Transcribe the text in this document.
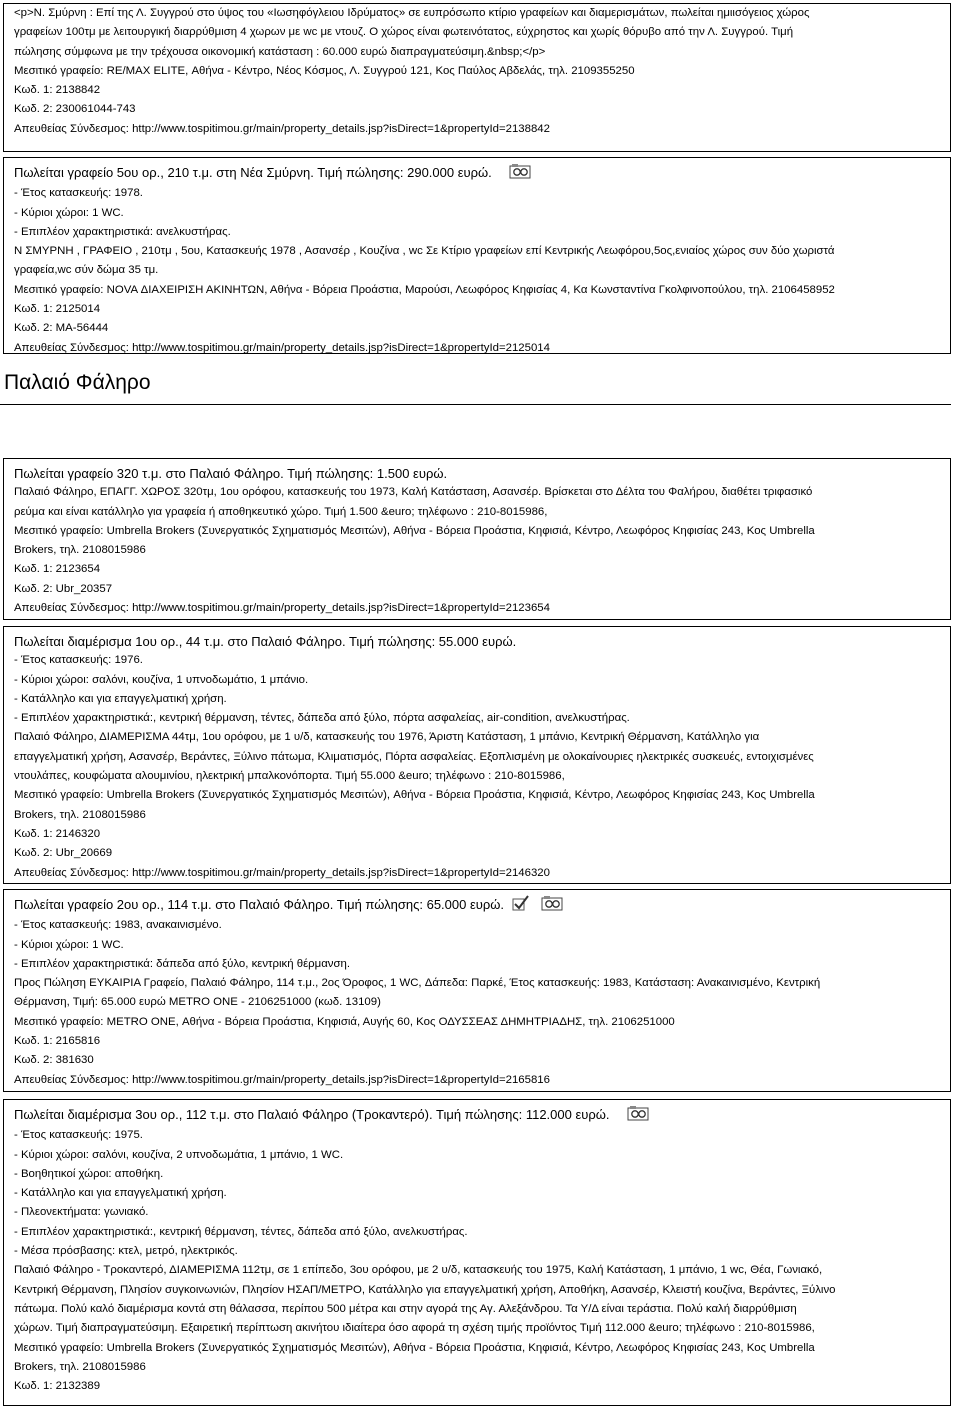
<p>Ν. Σμύρνη : Επί της Λ. Συγγρού στο ύψος του «Ιωσηφόγλειου Ιδρύματος» σε ευπρόσωπο κτίριο γραφείων και διαμερισμάτων, πωλείται ημιισόγειος χώρος

γραφείων 100τμ με λειτουργική διαρρύθμιση 4 χωρων με wc με ντουζ. Ο χώρος είναι φωτεινότατος, εύχρηστος και χωρίς θόρυβο από την Λ. Συγγρού. Τιμή

πώλησης σύμφωνα με την τρέχουσα οικονομική κατάσταση : 60.000 ευρώ διαπραγματεύσιμη.&nbsp;</p>

Μεσιτικό γραφείο: RE/MAX ELITE, Αθήνα - Κέντρο, Νέος Κόσμος, Λ. Συγγρού 121, Κος Παύλος Αβδελάς, τηλ. 2109355250

Κωδ. 1: 2138842

Κωδ. 2: 230061044-743

Απευθείας Σύνδεσμος: http://www.tospitimou.gr/main/property_details.jsp?isDirect=1&propertyId=2138842

Πωλείται γραφείο 5ου ορ., 210 τ.μ. στη Νέα Σμύρνη. Τιμή πώλησης: 290.000 ευρώ.

- Έτος κατασκευής: 1978.

- Κύριοι χώροι: 1 WC.

- Επιπλέον χαρακτηριστικά: ανελκυστήρας.

Ν ΣΜΥΡΝΗ , ΓΡΑΦΕΙΟ , 210τμ , 5ου, Κατασκευής 1978 , Ασανσέρ , Κουζίνα , wc Σε Κτίριο γραφείων επί Κεντρικής Λεωφόρου,5ος,ενιαίος χώρος συν δύο χωριστά

γραφεία,wc σύν δώμα 35 τμ.

Μεσιτικό γραφείο: NOVA ΔΙΑΧΕΙΡΙΣΗ ΑΚΙΝΗΤΩΝ, Αθήνα - Βόρεια Προάστια, Μαρούσι, Λεωφόρος Κηφισίας 4, Κα Κωνσταντίνα Γκολφινοπούλου, τηλ. 2106458952

Κωδ. 1: 2125014

Κωδ. 2: MA-56444

Απευθείας Σύνδεσμος: http://www.tospitimou.gr/main/property_details.jsp?isDirect=1&propertyId=2125014

Παλαιό Φάληρο

Πωλείται γραφείο 320 τ.μ. στο Παλαιό Φάληρο. Τιμή πώλησης: 1.500 ευρώ.

Παλαιό Φάληρο, ΕΠΑΓΓ. ΧΩΡΟΣ 320τμ, 1ου ορόφου, κατασκευής του 1973, Καλή Κατάσταση, Ασανσέρ. Βρίσκεται στο Δέλτα του Φαλήρου, διαθέτει τριφασικό

ρεύμα και είναι κατάλληλο για γραφεία ή αποθηκευτικό χώρο. Τιμή 1.500 &euro; τηλέφωνο : 210-8015986,

Μεσιτικό γραφείο: Umbrella Brokers (Συνεργατικός Σχηματισμός Μεσιτών), Αθήνα - Βόρεια Προάστια, Κηφισιά, Κέντρο, Λεωφόρος Κηφισίας 243, Κος Umbrella

Brokers, τηλ. 2108015986

Κωδ. 1: 2123654

Κωδ. 2: Ubr_20357

Απευθείας Σύνδεσμος: http://www.tospitimou.gr/main/property_details.jsp?isDirect=1&propertyId=2123654

Πωλείται διαμέρισμα 1ου ορ., 44 τ.μ. στο Παλαιό Φάληρο. Τιμή πώλησης: 55.000 ευρώ.

- Έτος κατασκευής: 1976.

- Κύριοι χώροι: σαλόνι, κουζίνα, 1 υπνοδωμάτιο, 1 μπάνιο.

- Κατάλληλο και για επαγγελματική χρήση.

- Επιπλέον χαρακτηριστικά:, κεντρική θέρμανση, τέντες, δάπεδα από ξύλο, πόρτα ασφαλείας, air-condition, ανελκυστήρας.

Παλαιό Φάληρο, ΔΙΑΜΕΡΙΣΜΑ 44τμ, 1ου ορόφου, με 1 υ/δ, κατασκευής του 1976, Άριστη Κατάσταση, 1 μπάνιο, Κεντρική Θέρμανση, Κατάλληλο για

επαγγελματική χρήση, Ασανσέρ, Βεράντες, Ξύλινο πάτωμα, Κλιματισμός, Πόρτα ασφαλείας. Εξοπλισμένη με ολοκαίνουριες ηλεκτρικές συσκευές, εντοιχισμένες

ντουλάπες, κουφώματα αλουμινίου, ηλεκτρική μπαλκονόπορτα. Τιμή 55.000 &euro; τηλέφωνο : 210-8015986,

Μεσιτικό γραφείο: Umbrella Brokers (Συνεργατικός Σχηματισμός Μεσιτών), Αθήνα - Βόρεια Προάστια, Κηφισιά, Κέντρο, Λεωφόρος Κηφισίας 243, Κος Umbrella

Brokers, τηλ. 2108015986

Κωδ. 1: 2146320

Κωδ. 2: Ubr_20669

Απευθείας Σύνδεσμος: http://www.tospitimou.gr/main/property_details.jsp?isDirect=1&propertyId=2146320

Πωλείται γραφείο 2ου ορ., 114 τ.μ. στο Παλαιό Φάληρο. Τιμή πώλησης: 65.000 ευρώ.

- Έτος κατασκευής: 1983, ανακαινισμένο.

- Κύριοι χώροι: 1 WC.

- Επιπλέον χαρακτηριστικά: δάπεδα από ξύλο, κεντρική θέρμανση.

Προς Πώληση ΕΥΚΑΙΡΙΑ Γραφείο, Παλαιό Φάληρο, 114 τ.μ., 2ος Όροφος, 1 WC, Δάπεδα: Παρκέ, Έτος κατασκευής: 1983, Κατάσταση: Ανακαινισμένο, Κεντρική

Θέρμανση, Τιμή: 65.000 ευρώ METRO ONE - 2106251000 (κωδ. 13109)

Μεσιτικό γραφείο: METRO ONE, Αθήνα - Βόρεια Προάστια, Κηφισιά, Αυγής 60, Κος ΟΔΥΣΣΕΑΣ ΔΗΜΗΤΡΙΑΔΗΣ, τηλ. 2106251000

Κωδ. 1: 2165816

Κωδ. 2: 381630

Απευθείας Σύνδεσμος: http://www.tospitimou.gr/main/property_details.jsp?isDirect=1&propertyId=2165816

Πωλείται διαμέρισμα 3ου ορ., 112 τ.μ. στο Παλαιό Φάληρο (Τροκαντερό). Τιμή πώλησης: 112.000 ευρώ.

- Έτος κατασκευής: 1975.

- Κύριοι χώροι: σαλόνι, κουζίνα, 2 υπνοδωμάτια, 1 μπάνιο, 1 WC.

- Βοηθητικοί χώροι: αποθήκη.

- Κατάλληλο και για επαγγελματική χρήση.

- Πλεονεκτήματα: γωνιακό.

- Επιπλέον χαρακτηριστικά:, κεντρική θέρμανση, τέντες, δάπεδα από ξύλο, ανελκυστήρας.

- Μέσα πρόσβασης: κτελ, μετρό, ηλεκτρικός.

Παλαιό Φάληρο - Τροκαντερό, ΔΙΑΜΕΡΙΣΜΑ 112τμ, σε 1 επίπεδο, 3ου ορόφου, με 2 υ/δ, κατασκευής του 1975, Καλή Κατάσταση, 1 μπάνιο, 1 wc, Θέα, Γωνιακό,

Κεντρική Θέρμανση, Πλησίον συγκοινωνιών, Πλησίον ΗΣΑΠ/ΜΕΤΡΟ, Κατάλληλο για επαγγελματική χρήση, Αποθήκη, Ασανσέρ, Κλειστή κουζίνα, Βεράντες, Ξύλινο

πάτωμα. Πολύ καλό διαμέρισμα κοντά στη θάλασσα, περίπου 500 μέτρα και στην αγορά της Αγ. Αλεξάνδρου. Τα Υ/Δ είναι τεράστια. Πολύ καλή διαρρύθμιση

χώρων. Τιμή διαπραγματεύσιμη. Εξαιρετική περίπτωση ακινήτου ιδιαίτερα όσο αφορά τη σχέση τιμής προϊόντος Τιμή 112.000 &euro; τηλέφωνο : 210-8015986,

Μεσιτικό γραφείο: Umbrella Brokers (Συνεργατικός Σχηματισμός Μεσιτών), Αθήνα - Βόρεια Προάστια, Κηφισιά, Κέντρο, Λεωφόρος Κηφισίας 243, Κος Umbrella

Brokers, τηλ. 2108015986

Κωδ. 1: 2132389
